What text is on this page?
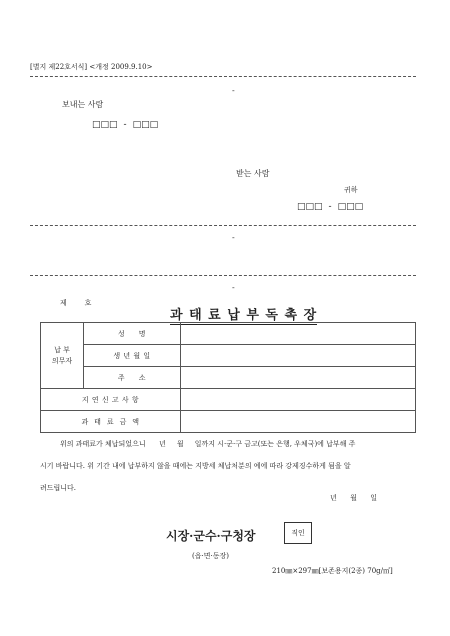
[별지 제22호서식] <개정 2009.9.10>
-
보내는 사람
□□□ - □□□
받는 사람
귀하
□□□ - □□□
-
-
제        호
과 태 료 납 부 독 촉 장
납 부
의무자	성     명	
	생 년 월 일	
	주     소	
지 연 신 고 사 항		
과  태  료  금  액		
위의 과태료가 체납되었으니      년     월     일까지 시·군·구 금고(또는 은행, 우체국)에 납부해 주
시기 바랍니다. 위 기간 내에 납부하지 않을 때에는 지방세 체납처분의 예에 따라 강제징수하게 됨을 알
려드립니다.
년      월      일
시장·군수·구청장	직인
(읍·면·동장)
210㎜×297㎜[보존용지(2종) 70g/㎡]
